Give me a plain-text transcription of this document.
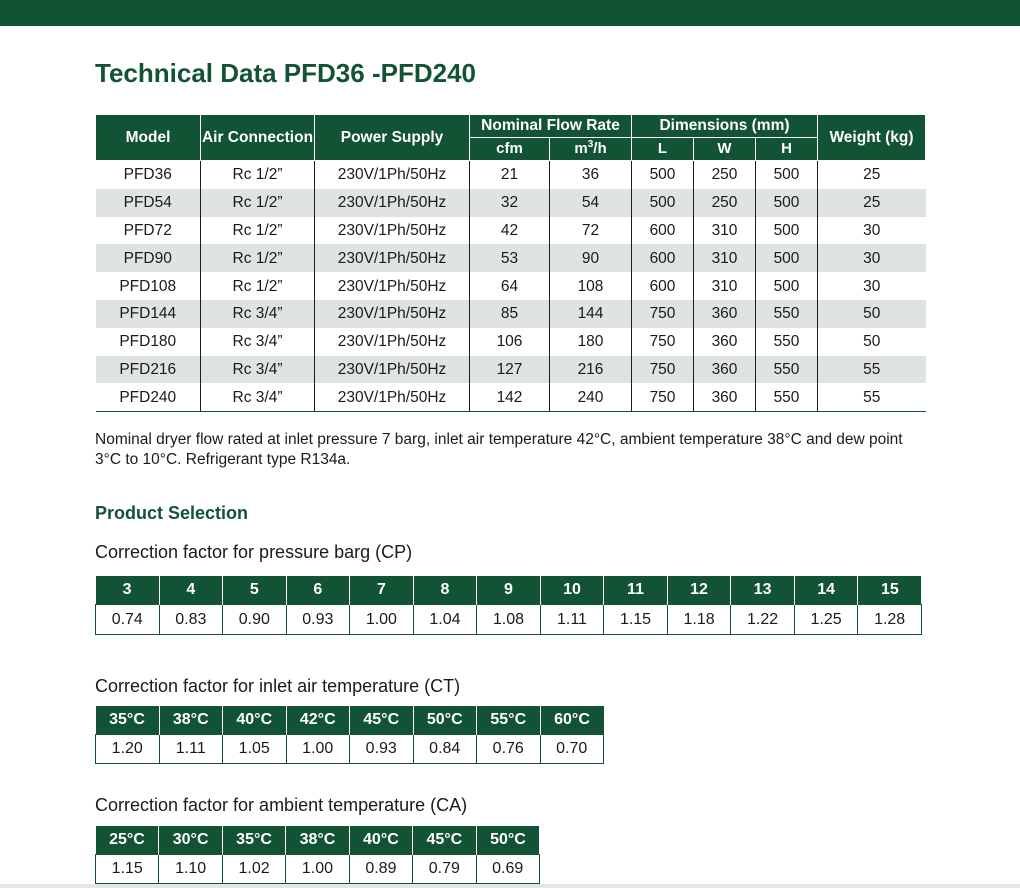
Technical Data PFD36 -PFD240
Model	Air Connection	Power Supply	Nominal Flow Rate		Dimensions (mm)			Weight (kg)
			cfm	$m^3/h$	L	W	H	
PFD36	Rc 1/2”	230V/1Ph/50Hz	21	36	500	250	500	25
PFD54	Rc 1/2”	230V/1Ph/50Hz	32	54	500	250	500	25
PFD72	Rc 1/2”	230V/1Ph/50Hz	42	72	600	310	500	30
PFD90	Rc 1/2”	230V/1Ph/50Hz	53	90	600	310	500	30
PFD108	Rc 1/2”	230V/1Ph/50Hz	64	108	600	310	500	30
PFD144	Rc 3/4”	230V/1Ph/50Hz	85	144	750	360	550	50
PFD180	Rc 3/4”	230V/1Ph/50Hz	106	180	750	360	550	50
PFD216	Rc 3/4”	230V/1Ph/50Hz	127	216	750	360	550	55
PFD240	Rc 3/4”	230V/1Ph/50Hz	142	240	750	360	550	55
Nominal dryer flow rated at inlet pressure 7 barg, inlet air temperature 42°C, ambient temperature 38°C and dew point 3°C to 10°C. Refrigerant type R134a.
Product Selection
Correction factor for pressure barg (CP)
3	4	5	6	7	8	9	10	11	12	13	14	15
0.74	0.83	0.90	0.93	1.00	1.04	1.08	1.11	1.15	1.18	1.22	1.25	1.28
Correction factor for inlet air temperature (CT)
35°C	38°C	40°C	42°C	45°C	50°C	55°C	60°C
1.20	1.11	1.05	1.00	0.93	0.84	0.76	0.70
Correction factor for ambient temperature (CA)
25°C	30°C	35°C	38°C	40°C	45°C	50°C
1.15	1.10	1.02	1.00	0.89	0.79	0.69
